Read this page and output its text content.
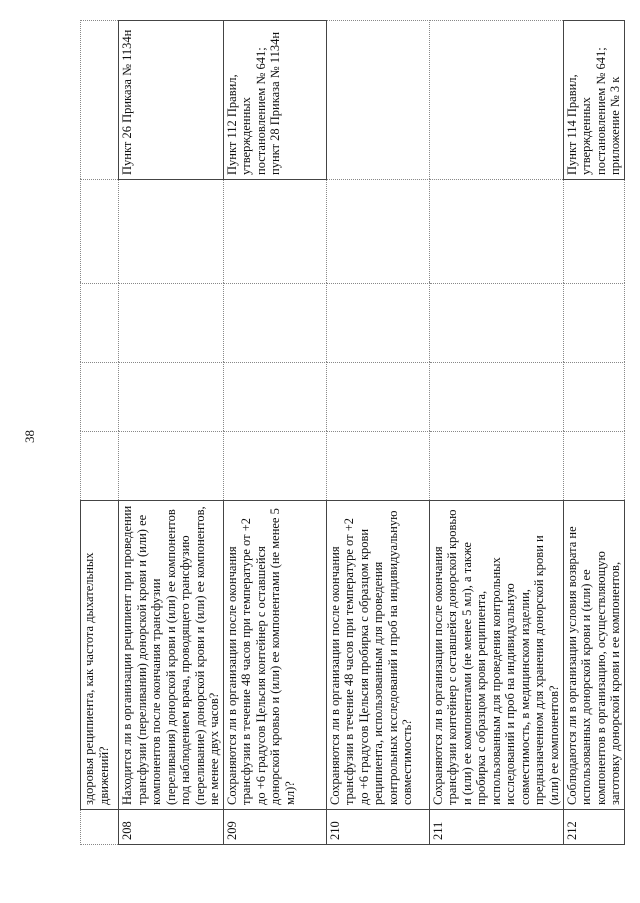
38
	здоровья реципиента, как частота дыхательных движений?					
208	Находится ли в организации реципиент при проведении трансфузии (переливании) донорской крови и (или) ее компонентов после окончания трансфузии (переливания) донорской крови и (или) ее компонентов под наблюдением врача, проводящего трансфузию (переливание) донорской крови и (или) ее компонентов, не менее двух часов?					Пункт 26 Приказа № 1134н
209	Сохраняются ли в организации после окончания трансфузии в течение 48 часов при температуре от +2 до +6 градусов Цельсия контейнер с оставшейся донорской кровью и (или) ее компонентами (не менее 5 мл)?					Пункт 112 Правил, утвержденных постановлением № 641; пункт 28 Приказа № 1134н
210	Сохраняются ли в организации после окончания трансфузии в течение 48 часов при температуре от +2 до +6 градусов Цельсия пробирка с образцом крови реципиента, использованным для проведения контрольных исследований и проб на индивидуальную совместимость?					
211	Сохраняются ли в организации после окончания трансфузии контейнер с оставшейся донорской кровью и (или) ее компонентами (не менее 5 мл), а также пробирка с образцом крови реципиента, использованным для проведения контрольных исследований и проб на индивидуальную совместимость, в медицинском изделии, предназначенном для хранения донорской крови и (или) ее компонентов?					
212	Соблюдаются ли в организации условия возврата не использованных донорской крови и (или) ее компонентов в организацию, осуществляющую заготовку донорской крови и ее компонентов,					Пункт 114 Правил, утвержденных постановлением № 641; приложение № 3 к
